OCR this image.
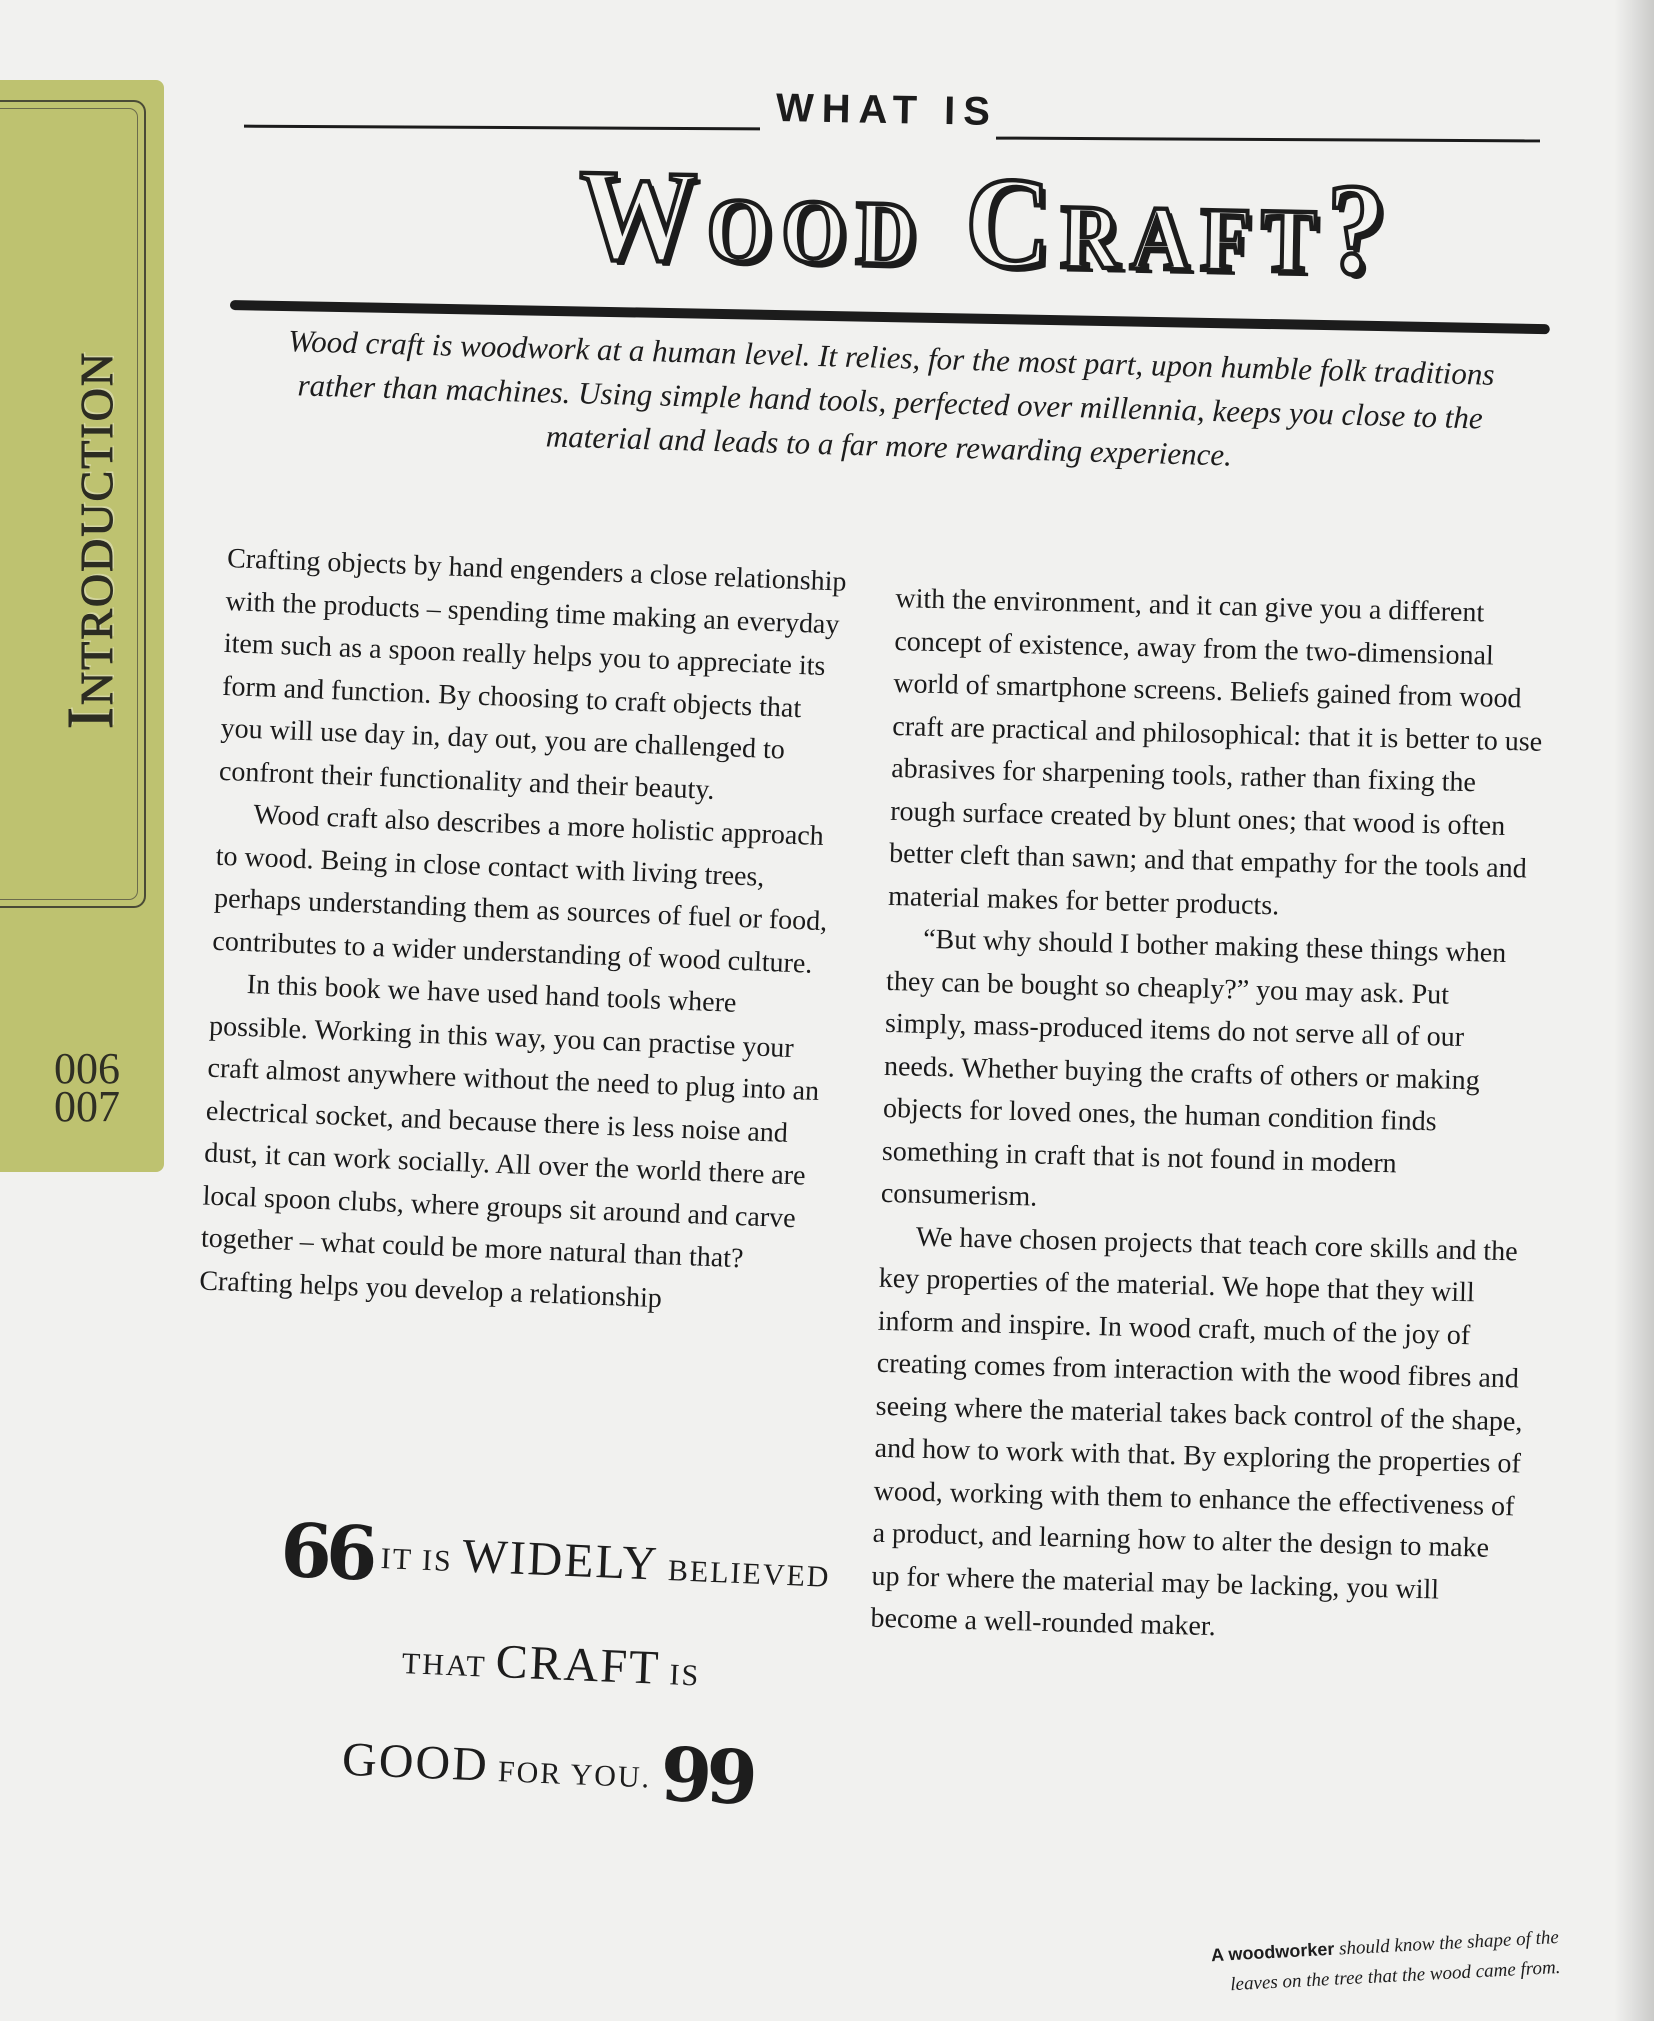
Introduction
006
007
WHAT IS
Wood Craft?
Wood craft is woodwork at a human level. It relies, for the most part, upon humble folk traditions rather than machines. Using simple hand tools, perfected over millennia, keeps you close to the material and leads to a far more rewarding experience.

Crafting objects by hand engenders a close relationship with the products – spending time making an everyday item such as a spoon really helps you to appreciate its form and function. By choosing to craft objects that you will use day in, day out, you are challenged to confront their functionality and their beauty.

Wood craft also describes a more holistic approach to wood. Being in close contact with living trees, perhaps understanding them as sources of fuel or food, contributes to a wider understanding of wood culture.

In this book we have used hand tools where possible. Working in this way, you can practise your craft almost anywhere without the need to plug into an electrical socket, and because there is less noise and dust, it can work socially. All over the world there are local spoon clubs, where groups sit around and carve together – what could be more natural than that? Crafting helps you develop a relationship

with the environment, and it can give you a different concept of existence, away from the two-dimensional world of smartphone screens. Beliefs gained from wood craft are practical and philosophical: that it is better to use abrasives for sharpening tools, rather than fixing the rough surface created by blunt ones; that wood is often better cleft than sawn; and that empathy for the tools and material makes for better products.

“But why should I bother making these things when they can be bought so cheaply?” you may ask. Put simply, mass-produced items do not serve all of our needs. Whether buying the crafts of others or making objects for loved ones, the human condition finds something in craft that is not found in modern consumerism.

We have chosen projects that teach core skills and the key properties of the material. We hope that they will inform and inspire. In wood craft, much of the joy of creating comes from interaction with the wood fibres and seeing where the material takes back control of the shape, and how to work with that. By exploring the properties of wood, working with them to enhance the effectiveness of a product, and learning how to alter the design to make up for where the material may be lacking, you will become a well-rounded maker.

66 IT IS WIDELY BELIEVED
THAT CRAFT IS
GOOD FOR YOU. 99
A woodworker should know the shape of the leaves on the tree that the wood came from.
